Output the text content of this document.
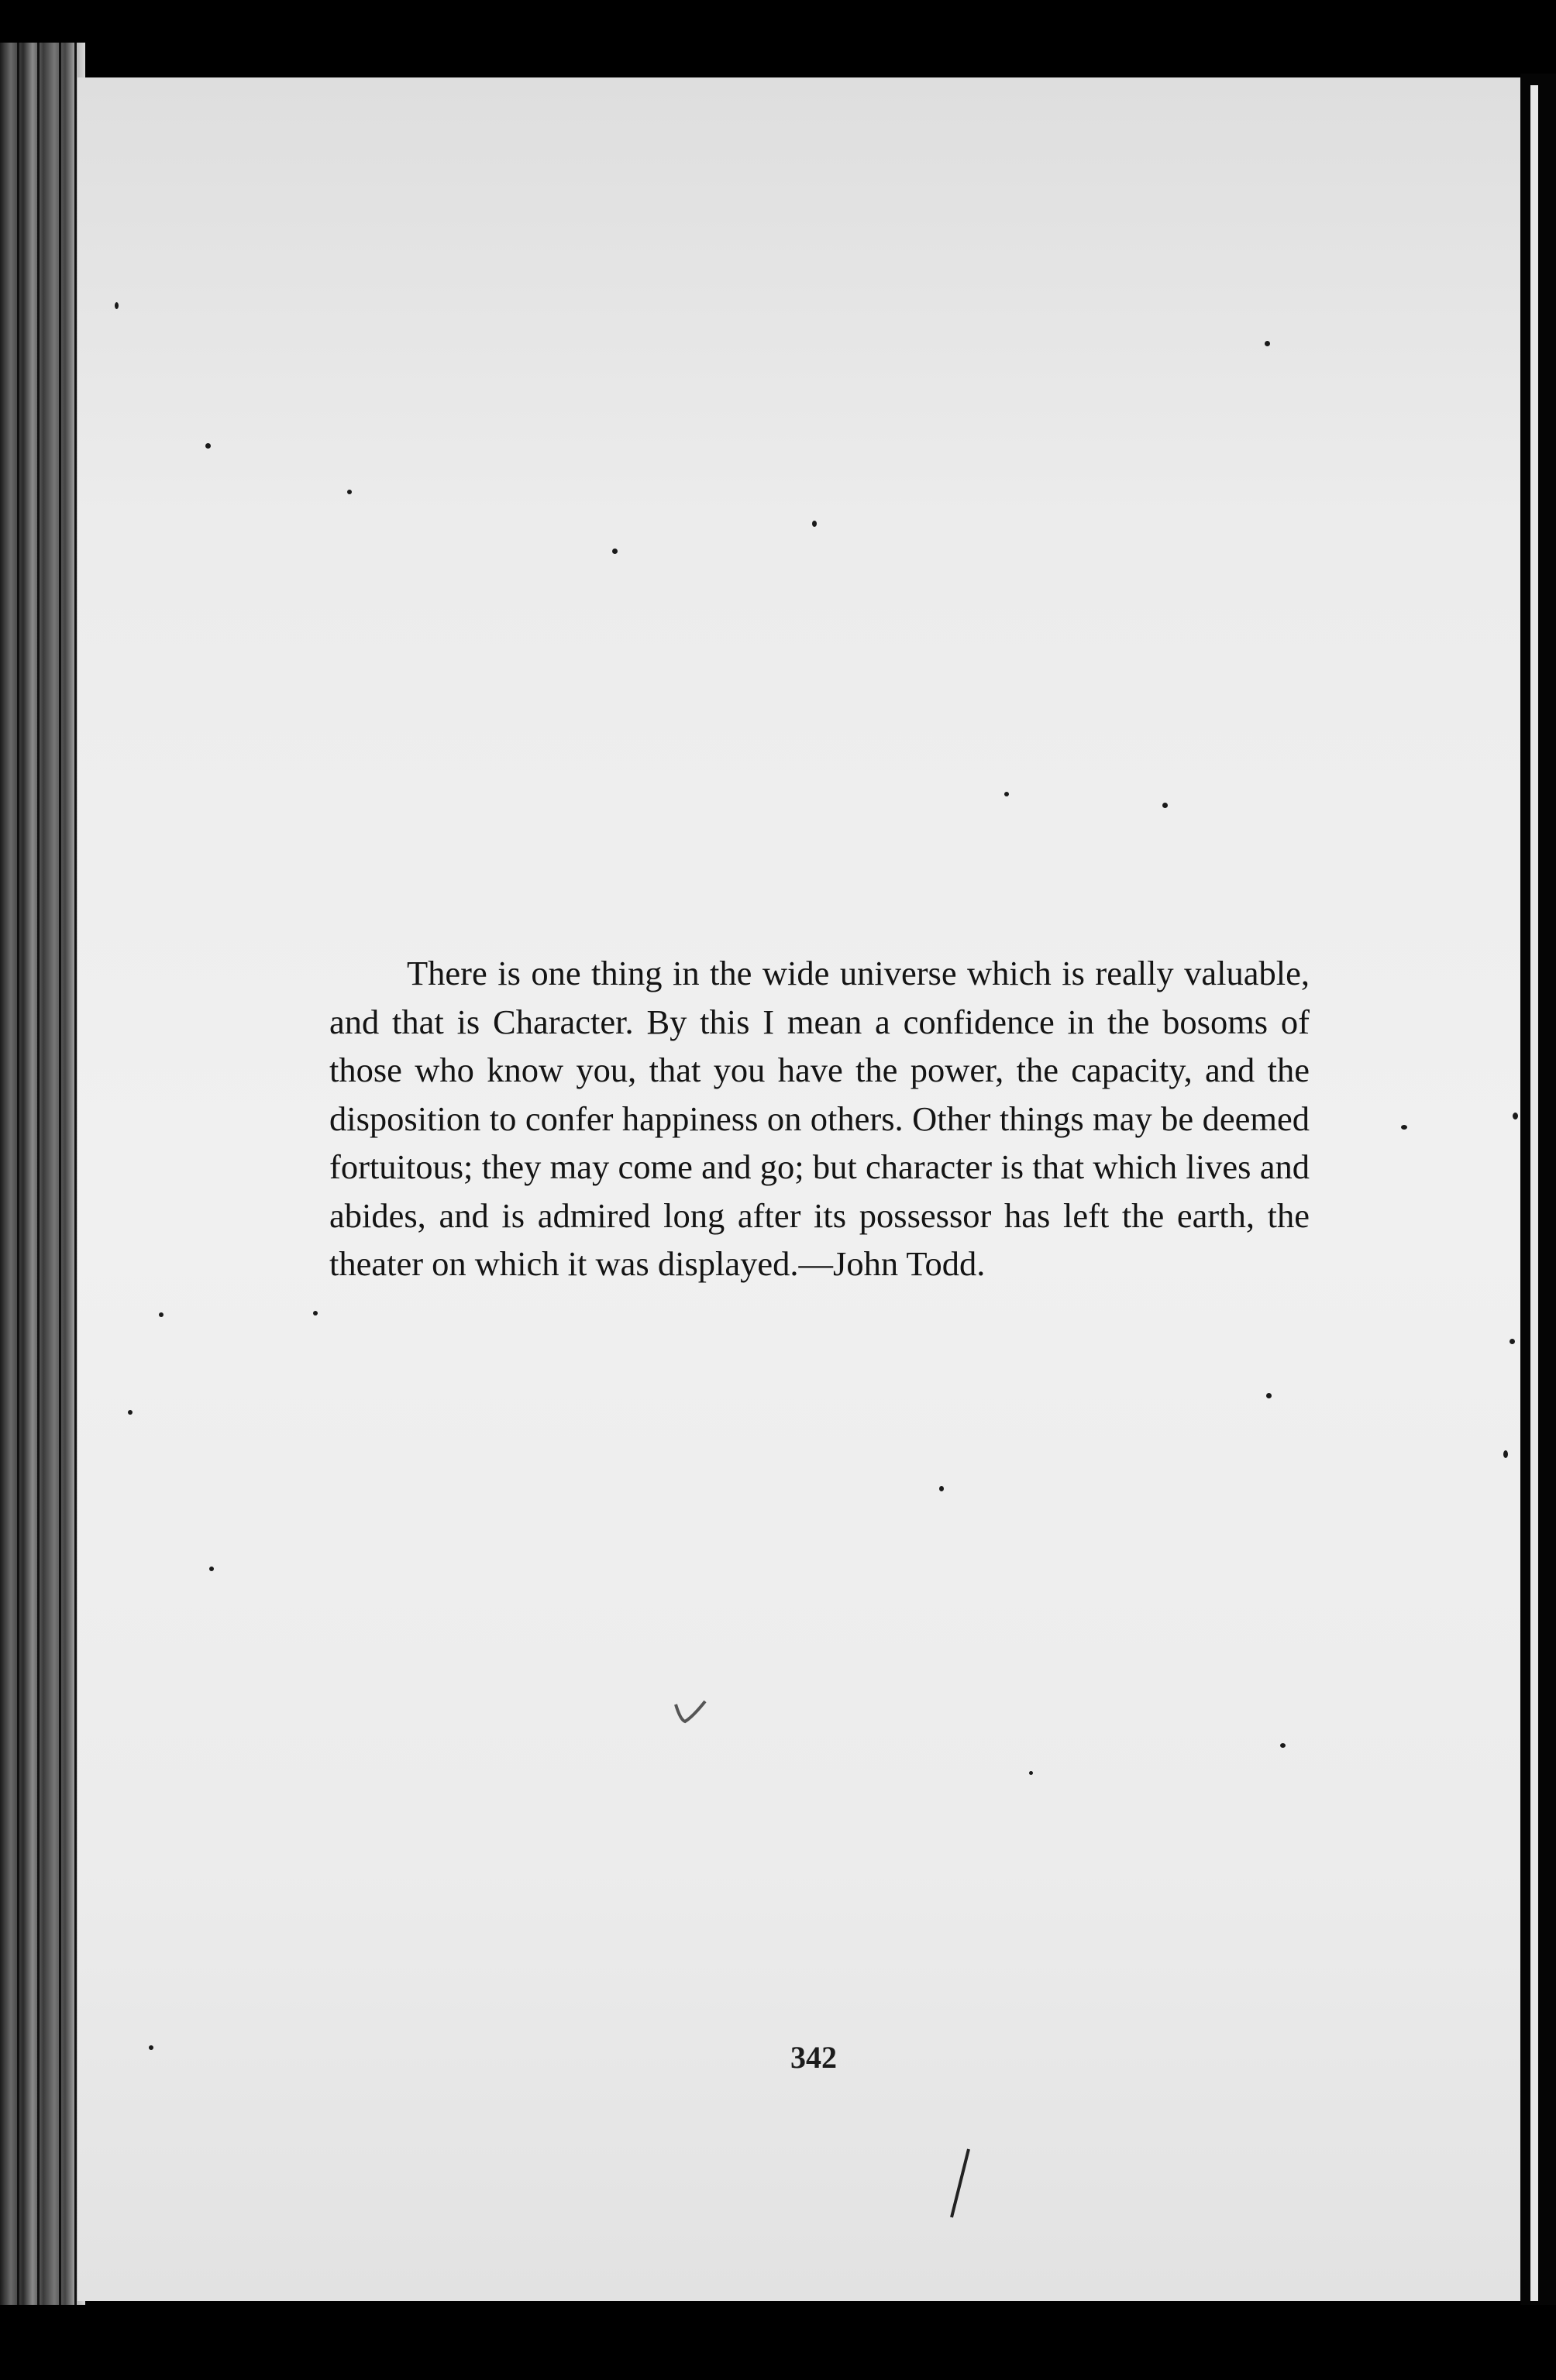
There is one thing in the wide universe which is really valuable, and that is Character. By this I mean a confidence in the bosoms of those who know you, that you have the power, the capacity, and the disposition to confer happiness on others. Other things may be deemed fortuitous; they may come and go; but character is that which lives and abides, and is admired long after its possessor has left the earth, the theater on which it was displayed.—John Todd.

342
